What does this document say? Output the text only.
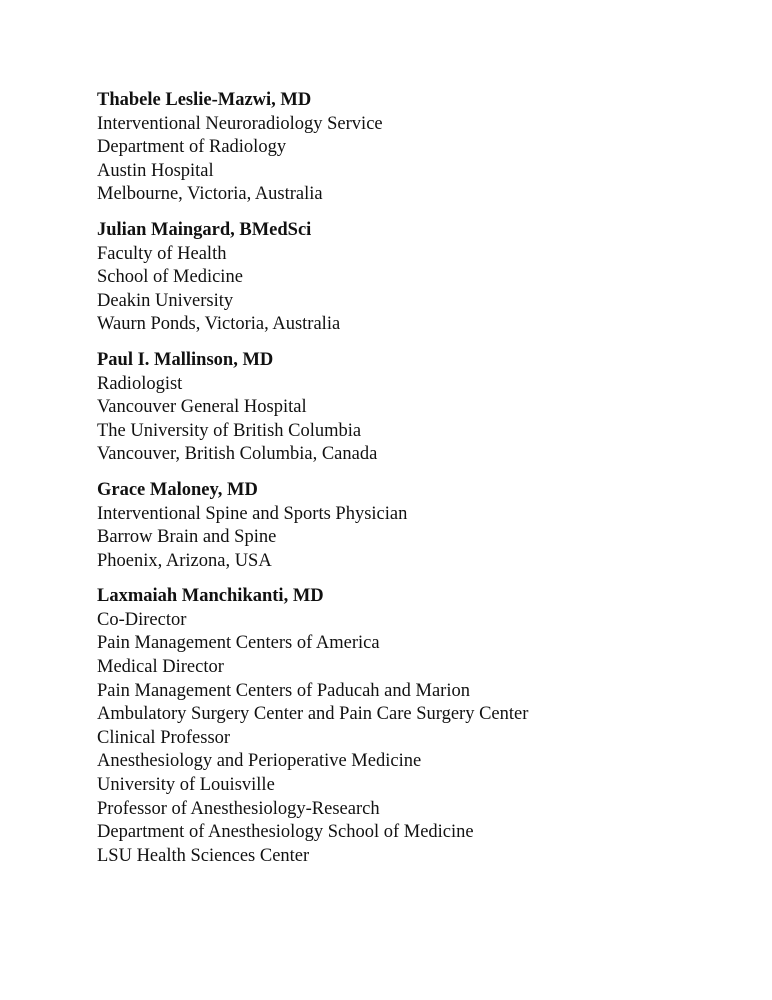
Thabele Leslie-Mazwi, MD
Interventional Neuroradiology Service
Department of Radiology
Austin Hospital
Melbourne, Victoria, Australia
Julian Maingard, BMedSci
Faculty of Health
School of Medicine
Deakin University
Waurn Ponds, Victoria, Australia
Paul I. Mallinson, MD
Radiologist
Vancouver General Hospital
The University of British Columbia
Vancouver, British Columbia, Canada
Grace Maloney, MD
Interventional Spine and Sports Physician
Barrow Brain and Spine
Phoenix, Arizona, USA
Laxmaiah Manchikanti, MD
Co-Director
Pain Management Centers of America
Medical Director
Pain Management Centers of Paducah and Marion
Ambulatory Surgery Center and Pain Care Surgery Center
Clinical Professor
Anesthesiology and Perioperative Medicine
University of Louisville
Professor of Anesthesiology-Research
Department of Anesthesiology School of Medicine
LSU Health Sciences Center
